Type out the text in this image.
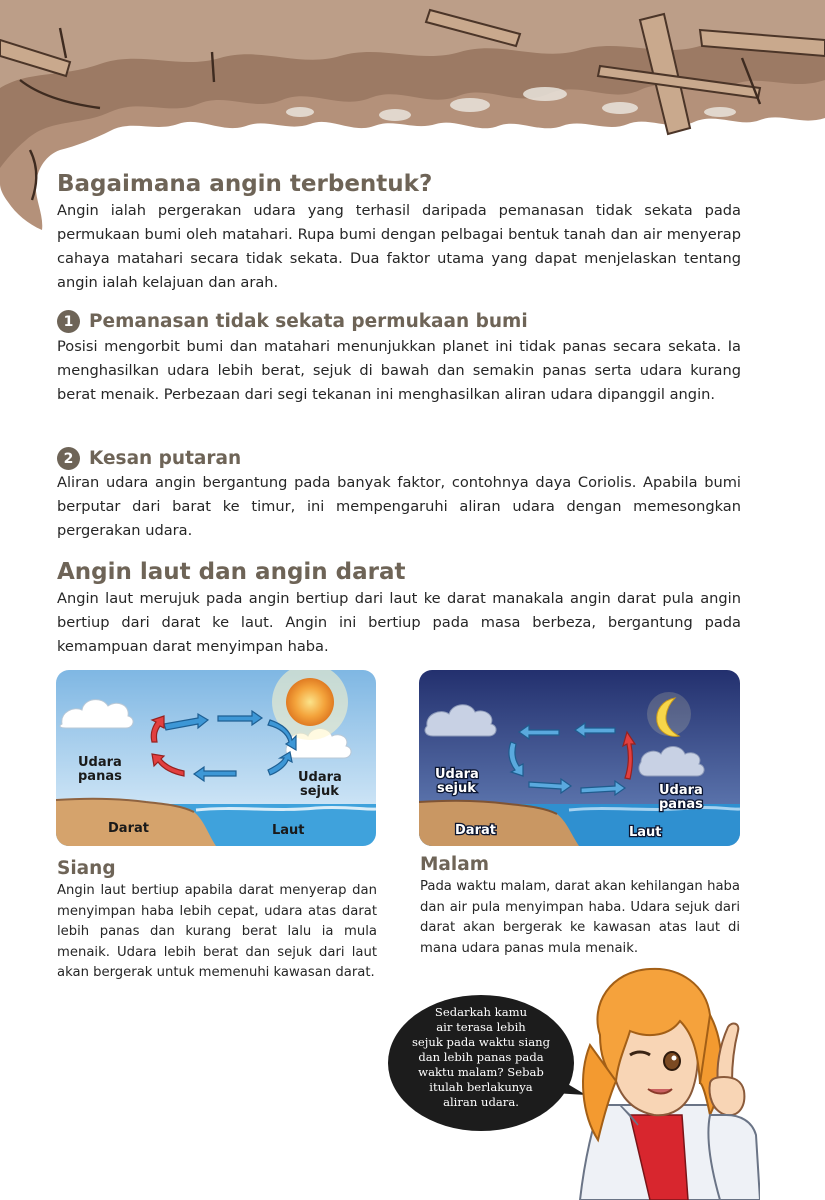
Bagaimana angin terbentuk?
Angin ialah pergerakan udara yang terhasil daripada pemanasan tidak sekata pada permukaan bumi oleh matahari. Rupa bumi dengan pelbagai bentuk tanah dan air menyerap cahaya matahari secara tidak sekata. Dua faktor utama yang dapat menjelaskan tentang angin ialah kelajuan dan arah.
1 Pemanasan tidak sekata permukaan bumi
Posisi mengorbit bumi dan matahari menunjukkan planet ini tidak panas secara sekata. Ia menghasilkan udara lebih berat, sejuk di bawah dan semakin panas serta udara kurang berat menaik. Perbezaan dari segi tekanan ini menghasilkan aliran udara dipanggil angin.
2 Kesan putaran
Aliran udara angin bergantung pada banyak faktor, contohnya daya Coriolis. Apabila bumi berputar dari barat ke timur, ini mempengaruhi aliran udara dengan memesongkan pergerakan udara.
Angin laut dan angin darat
Angin laut merujuk pada angin bertiup dari laut ke darat manakala angin darat pula angin bertiup dari darat ke laut. Angin ini bertiup pada masa berbeza, bergantung pada kemampuan darat menyimpan haba.
Udara
panas	Udara
sejuk
Darat	Laut
Udara
sejuk	Udara
panas
Darat	Laut
Siang
Angin laut bertiup apabila darat menyerap dan menyimpan haba lebih cepat, udara atas darat lebih panas dan kurang berat lalu ia mula menaik. Udara lebih berat dan sejuk dari laut akan bergerak untuk memenuhi kawasan darat.
Malam
Pada waktu malam, darat akan kehilangan haba dan air pula menyimpan haba. Udara sejuk dari darat akan bergerak ke kawasan atas laut di mana udara panas mula menaik.
Sedarkah kamu
air terasa lebih
sejuk pada waktu siang
dan lebih panas pada
waktu malam? Sebab
itulah berlakunya
aliran udara.
